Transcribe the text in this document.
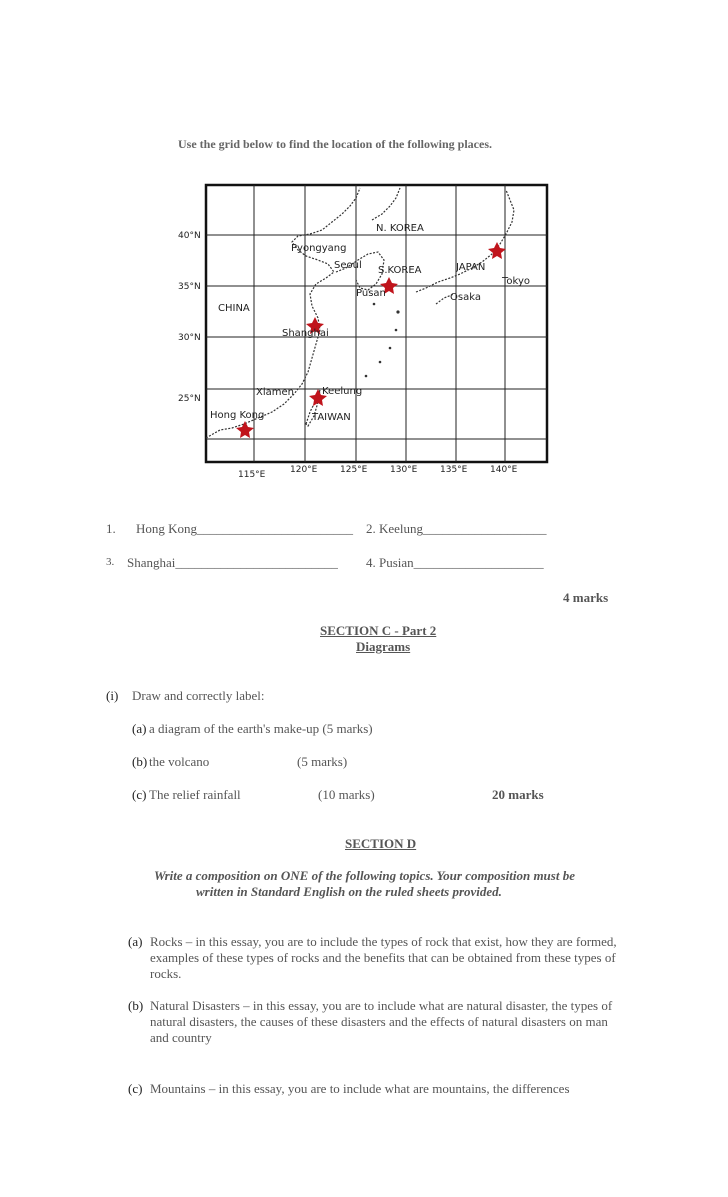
Use the grid below to find the location of the following places.
40°N
35°N
30°N
25°N
115°E	120°E	125°E	130°E	135°E	140°E
N. KOREA
Pyongyang
Seoul S.KOREA	JAPAN
Tokyo
Pusan	Osaka
CHINA
Shanghai
Xiamen	Keelung
Hong Kong	TAIWAN
1. Hong Kong________________________ 2. Keelung___________________
3. Shanghai_________________________ 4. Pusian____________________
4 marks
SECTION C - Part 2
Diagrams
(i) Draw and correctly label:
(a) a diagram of the earth's make-up (5 marks)
(b) the volcano	(5 marks)
(c) The relief rainfall	(10 marks)	20 marks
SECTION D
Write a composition on ONE of the following topics. Your composition must be
written in Standard English on the ruled sheets provided.
(a) Rocks – in this essay, you are to include the types of rock that exist, how they are formed, examples of these types of rocks and the benefits that can be obtained from these types of rocks.
(b) Natural Disasters – in this essay, you are to include what are natural disaster, the types of natural disasters, the causes of these disasters and the effects of natural disasters on man and country
(c) Mountains – in this essay, you are to include what are mountains, the differences
